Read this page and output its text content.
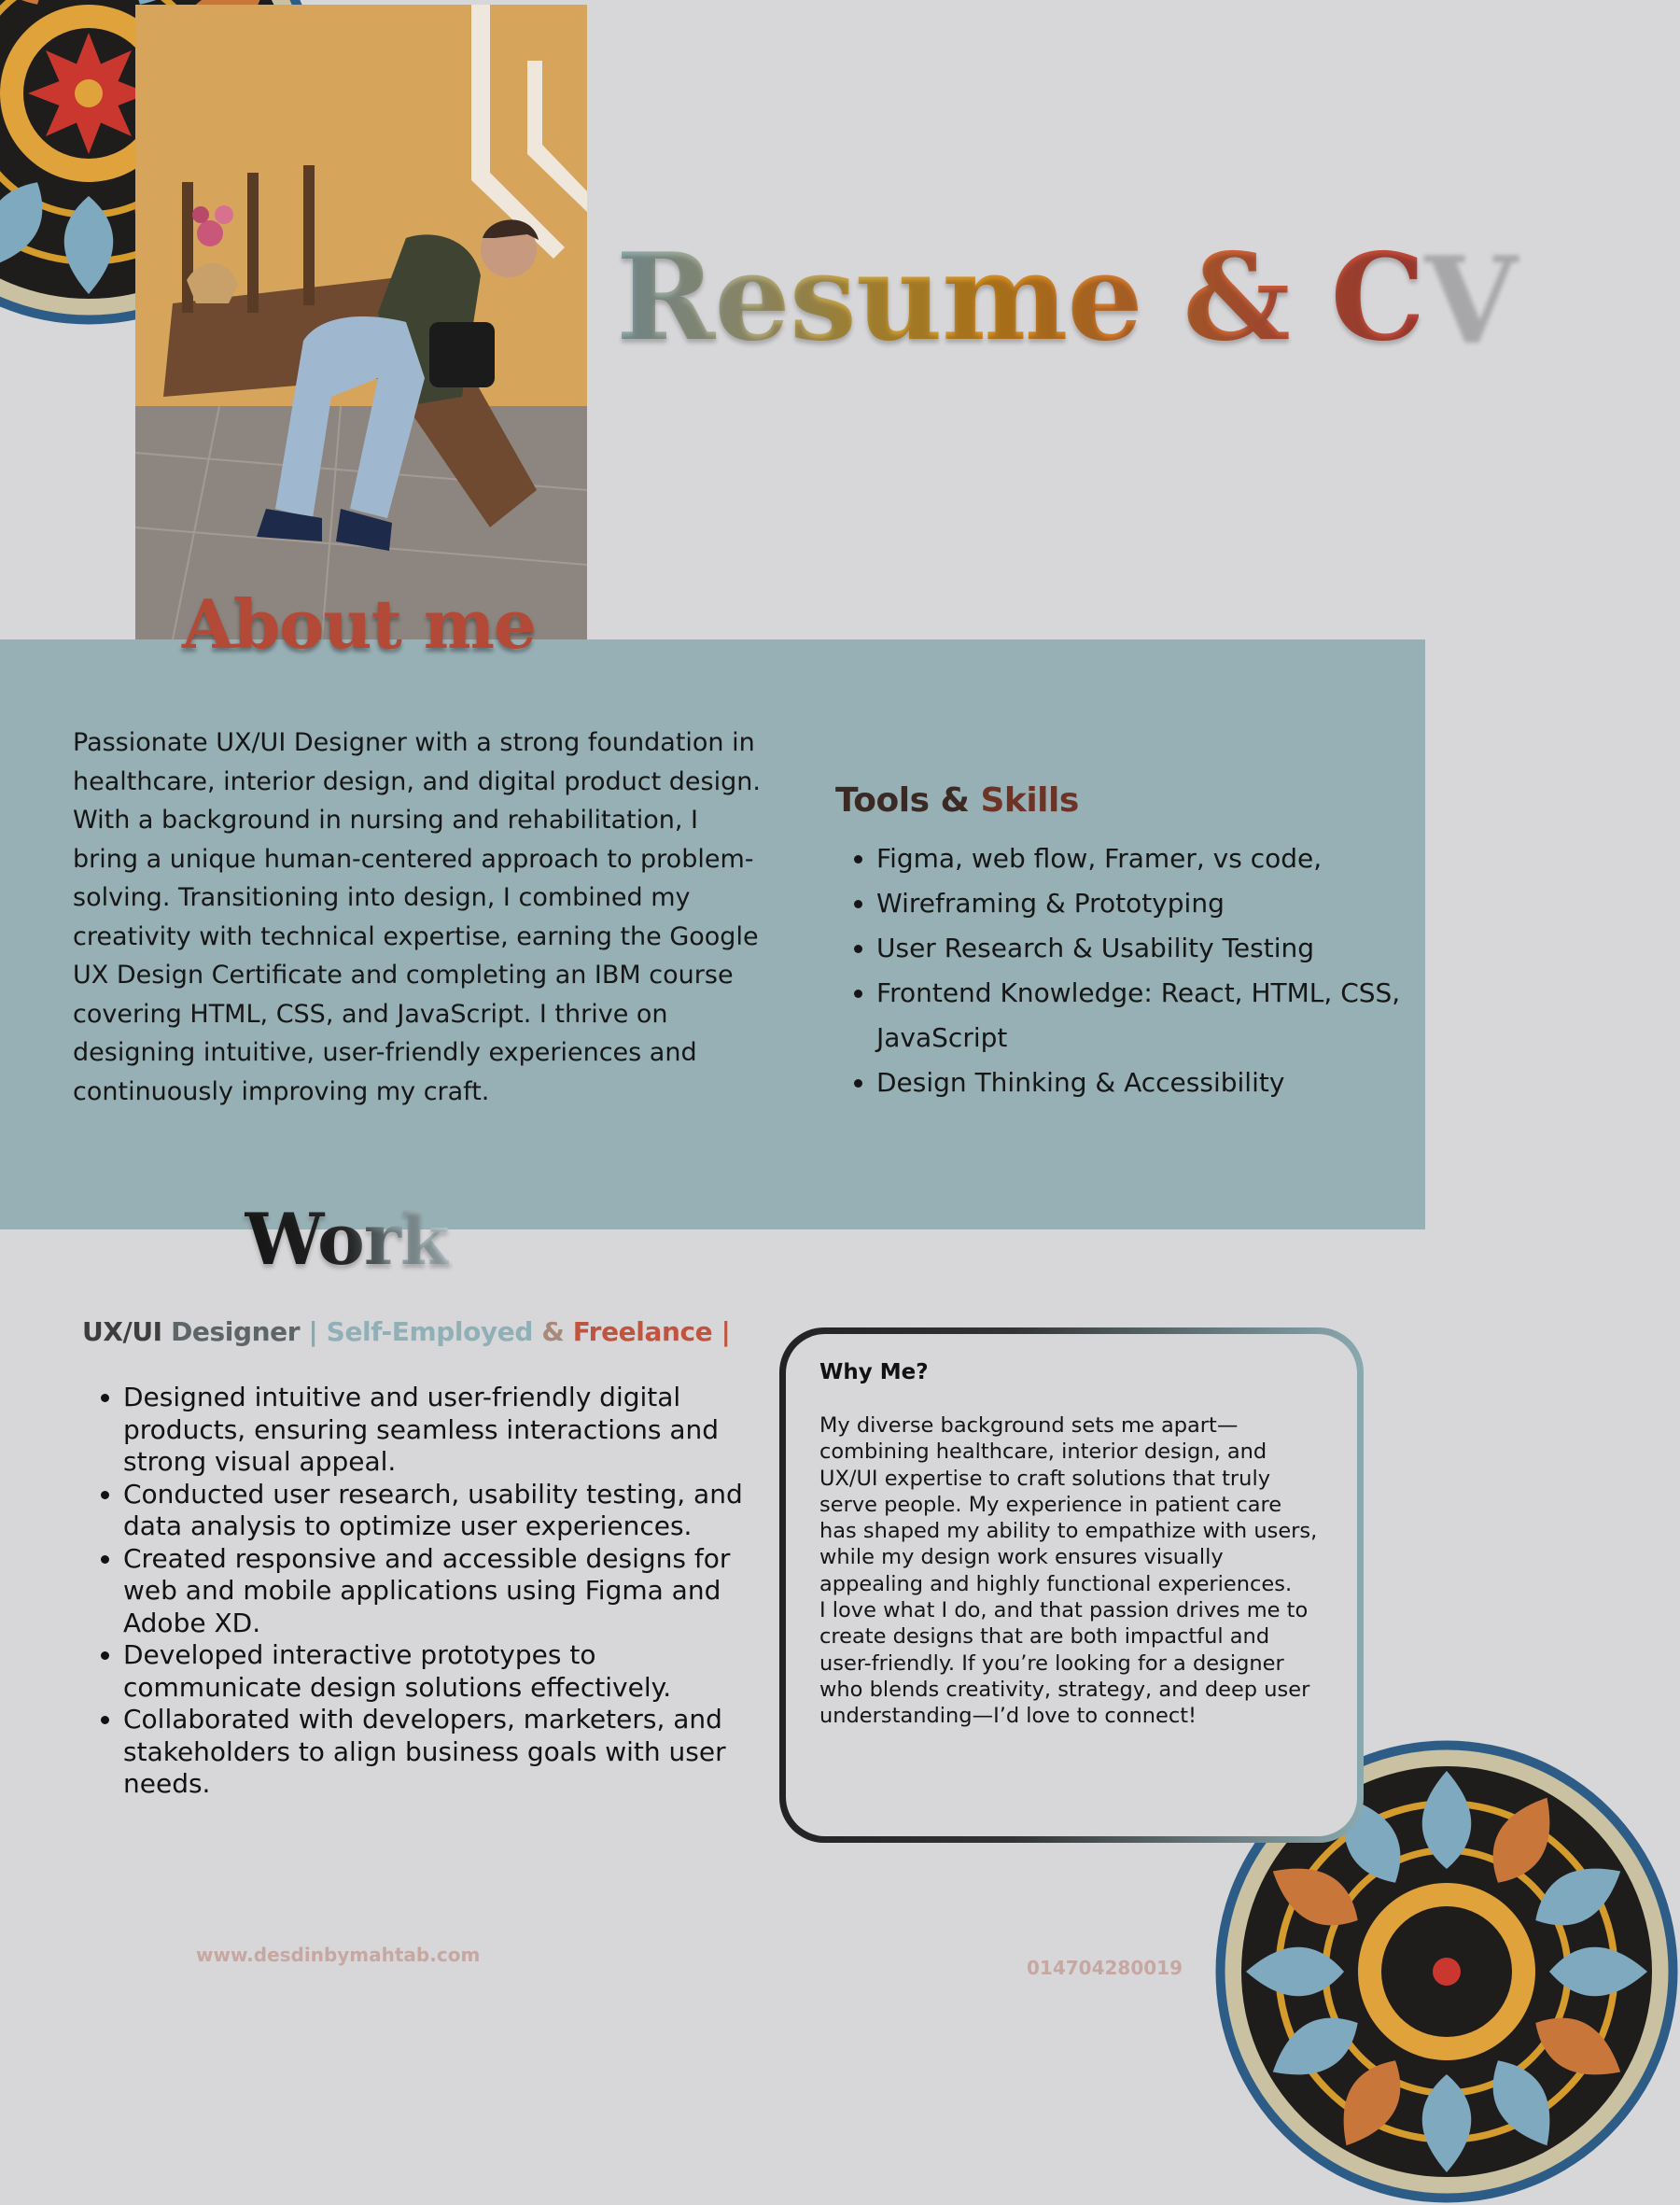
Resume & CV
About me

Passionate UX/UI Designer with a strong foundation in healthcare, interior design, and digital product design. With a background in nursing and rehabilitation, I bring a unique human-centered approach to problem-solving. Transitioning into design, I combined my creativity with technical expertise, earning the Google UX Design Certificate and completing an IBM course covering HTML, CSS, and JavaScript. I thrive on designing intuitive, user-friendly experiences and continuously improving my craft.

Tools & Skills
• Figma, web flow, Framer, vs code,
• Wireframing & Prototyping
• User Research & Usability Testing
• Frontend Knowledge: React, HTML, CSS, JavaScript
• Design Thinking & Accessibility
Work
UX/UI Designer | Self-Employed & Freelance |
• Designed intuitive and user-friendly digital products, ensuring seamless interactions and strong visual appeal.
• Conducted user research, usability testing, and data analysis to optimize user experiences.
• Created responsive and accessible designs for web and mobile applications using Figma and Adobe XD.
• Developed interactive prototypes to communicate design solutions effectively.
• Collaborated with developers, marketers, and stakeholders to align business goals with user needs.

Why Me?

My diverse background sets me apart—combining healthcare, interior design, and UX/UI expertise to craft solutions that truly serve people. My experience in patient care has shaped my ability to empathize with users, while my design work ensures visually appealing and highly functional experiences.
I love what I do, and that passion drives me to create designs that are both impactful and user-friendly. If you’re looking for a designer who blends creativity, strategy, and deep user understanding—I’d love to connect!

www.desdinbymahtab.com
014704280019
